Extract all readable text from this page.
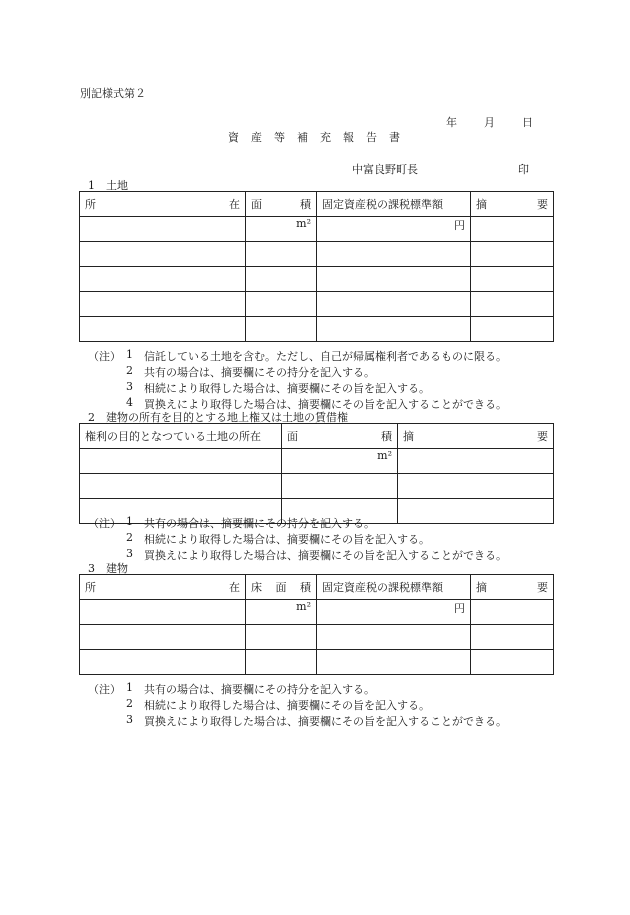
別記様式第２
年 月 日
資 産 等 補 充 報 告 書
中富良野町長	印
1　土地
所 在	面 積	固定資産税の課税標準額	摘 要

	m²	円	

（注） 1 信託している土地を含む。ただし、自己が帰属権利者であるものに限る。
2 共有の場合は、摘要欄にその持分を記入する。
3 相続により取得した場合は、摘要欄にその旨を記入する。
4 買換えにより取得した場合は、摘要欄にその旨を記入することができる。
2　建物の所有を目的とする地上権又は土地の賃借権
権利の目的となつている土地の所在	面 積	摘 要

	m²	

（注） 1 共有の場合は、摘要欄にその持分を記入する。
2 相続により取得した場合は、摘要欄にその旨を記入する。
3 買換えにより取得した場合は、摘要欄にその旨を記入することができる。
3　建物
所 在	床 面 積	固定資産税の課税標準額	摘 要

	m²	円	

（注） 1 共有の場合は、摘要欄にその持分を記入する。
2 相続により取得した場合は、摘要欄にその旨を記入する。
3 買換えにより取得した場合は、摘要欄にその旨を記入することができる。
